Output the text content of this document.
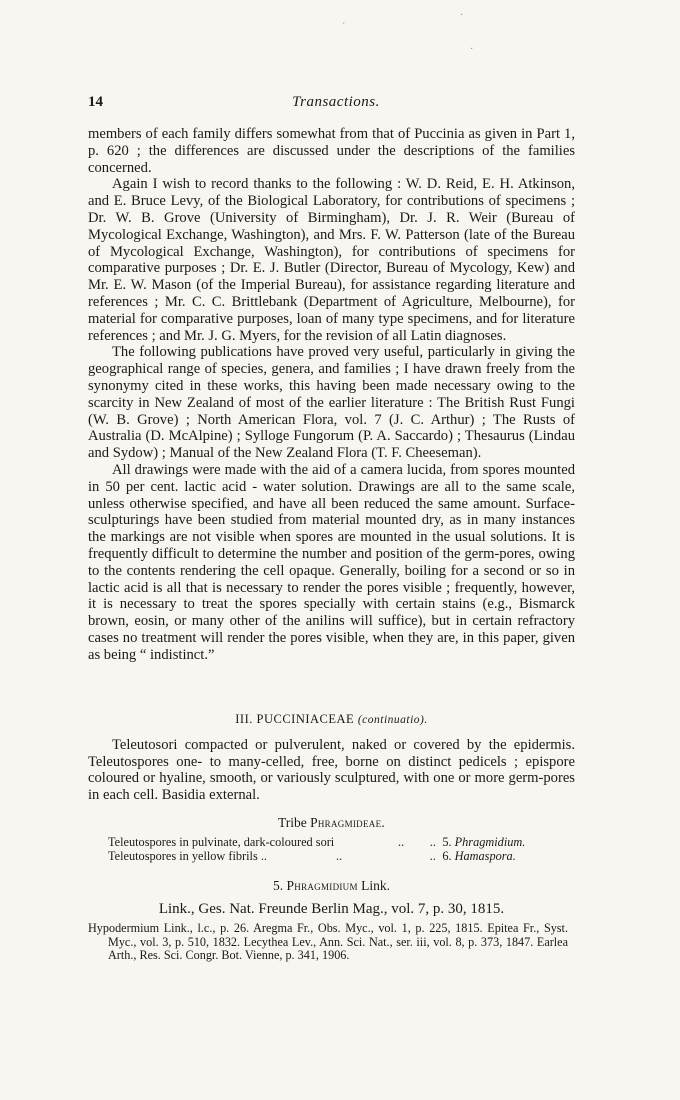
14	Transactions.

members of each family differs somewhat from that of Puccinia as given in Part 1, p. 620 ; the differences are discussed under the descriptions of the families concerned.

Again I wish to record thanks to the following : W. D. Reid, E. H. Atkinson, and E. Bruce Levy, of the Biological Laboratory, for contributions of specimens ; Dr. W. B. Grove (University of Birmingham), Dr. J. R. Weir (Bureau of Mycological Exchange, Washington), and Mrs. F. W. Patterson (late of the Bureau of Mycological Exchange, Washington), for contributions of specimens for comparative purposes ; Dr. E. J. Butler (Director, Bureau of Mycology, Kew) and Mr. E. W. Mason (of the Imperial Bureau), for assistance regarding literature and references ; Mr. C. C. Brittlebank (Department of Agriculture, Melbourne), for material for comparative purposes, loan of many type specimens, and for literature references ; and Mr. J. G. Myers, for the revision of all Latin diagnoses.

The following publications have proved very useful, particularly in giving the geographical range of species, genera, and families ; I have drawn freely from the synonymy cited in these works, this having been made necessary owing to the scarcity in New Zealand of most of the earlier literature : The British Rust Fungi (W. B. Grove) ; North American Flora, vol. 7 (J. C. Arthur) ; The Rusts of Australia (D. McAlpine) ; Sylloge Fungorum (P. A. Saccardo) ; Thesaurus (Lindau and Sydow) ; Manual of the New Zealand Flora (T. F. Cheeseman).

All drawings were made with the aid of a camera lucida, from spores mounted in 50 per cent. lactic acid - water solution. Drawings are all to the same scale, unless otherwise specified, and have all been reduced the same amount. Surface-sculpturings have been studied from material mounted dry, as in many instances the markings are not visible when spores are mounted in the usual solutions. It is frequently difficult to determine the number and position of the germ-pores, owing to the contents rendering the cell opaque. Generally, boiling for a second or so in lactic acid is all that is necessary to render the pores visible ; frequently, however, it is necessary to treat the spores specially with certain stains (e.g., Bismarck brown, eosin, or many other of the anilins will suffice), but in certain refractory cases no treatment will render the pores visible, when they are, in this paper, given as being “ indistinct.”

III. PUCCINIACEAE (continuatio).

Teleutosori compacted or pulverulent, naked or covered by the epidermis. Teleutospores one- to many-celled, free, borne on distinct pedicels ; epispore coloured or hyaline, smooth, or variously sculptured, with one or more germ-pores in each cell. Basidia external.

Tribe Phragmideae.
Teleutospores in pulvinate, dark-coloured sori	.. .. 5. Phragmidium.
Teleutospores in yellow fibrils ..	..	.. 6. Hamaspora.
5. Phragmidium Link.
Link., Ges. Nat. Freunde Berlin Mag., vol. 7, p. 30, 1815.

Hypodermium Link., l.c., p. 26. Aregma Fr., Obs. Myc., vol. 1, p. 225, 1815. Epitea Fr., Syst. Myc., vol. 3, p. 510, 1832. Lecythea Lev., Ann. Sci. Nat., ser. iii, vol. 8, p. 373, 1847. Earlea Arth., Res. Sci. Congr. Bot. Vienne, p. 341, 1906.

´
·
·
